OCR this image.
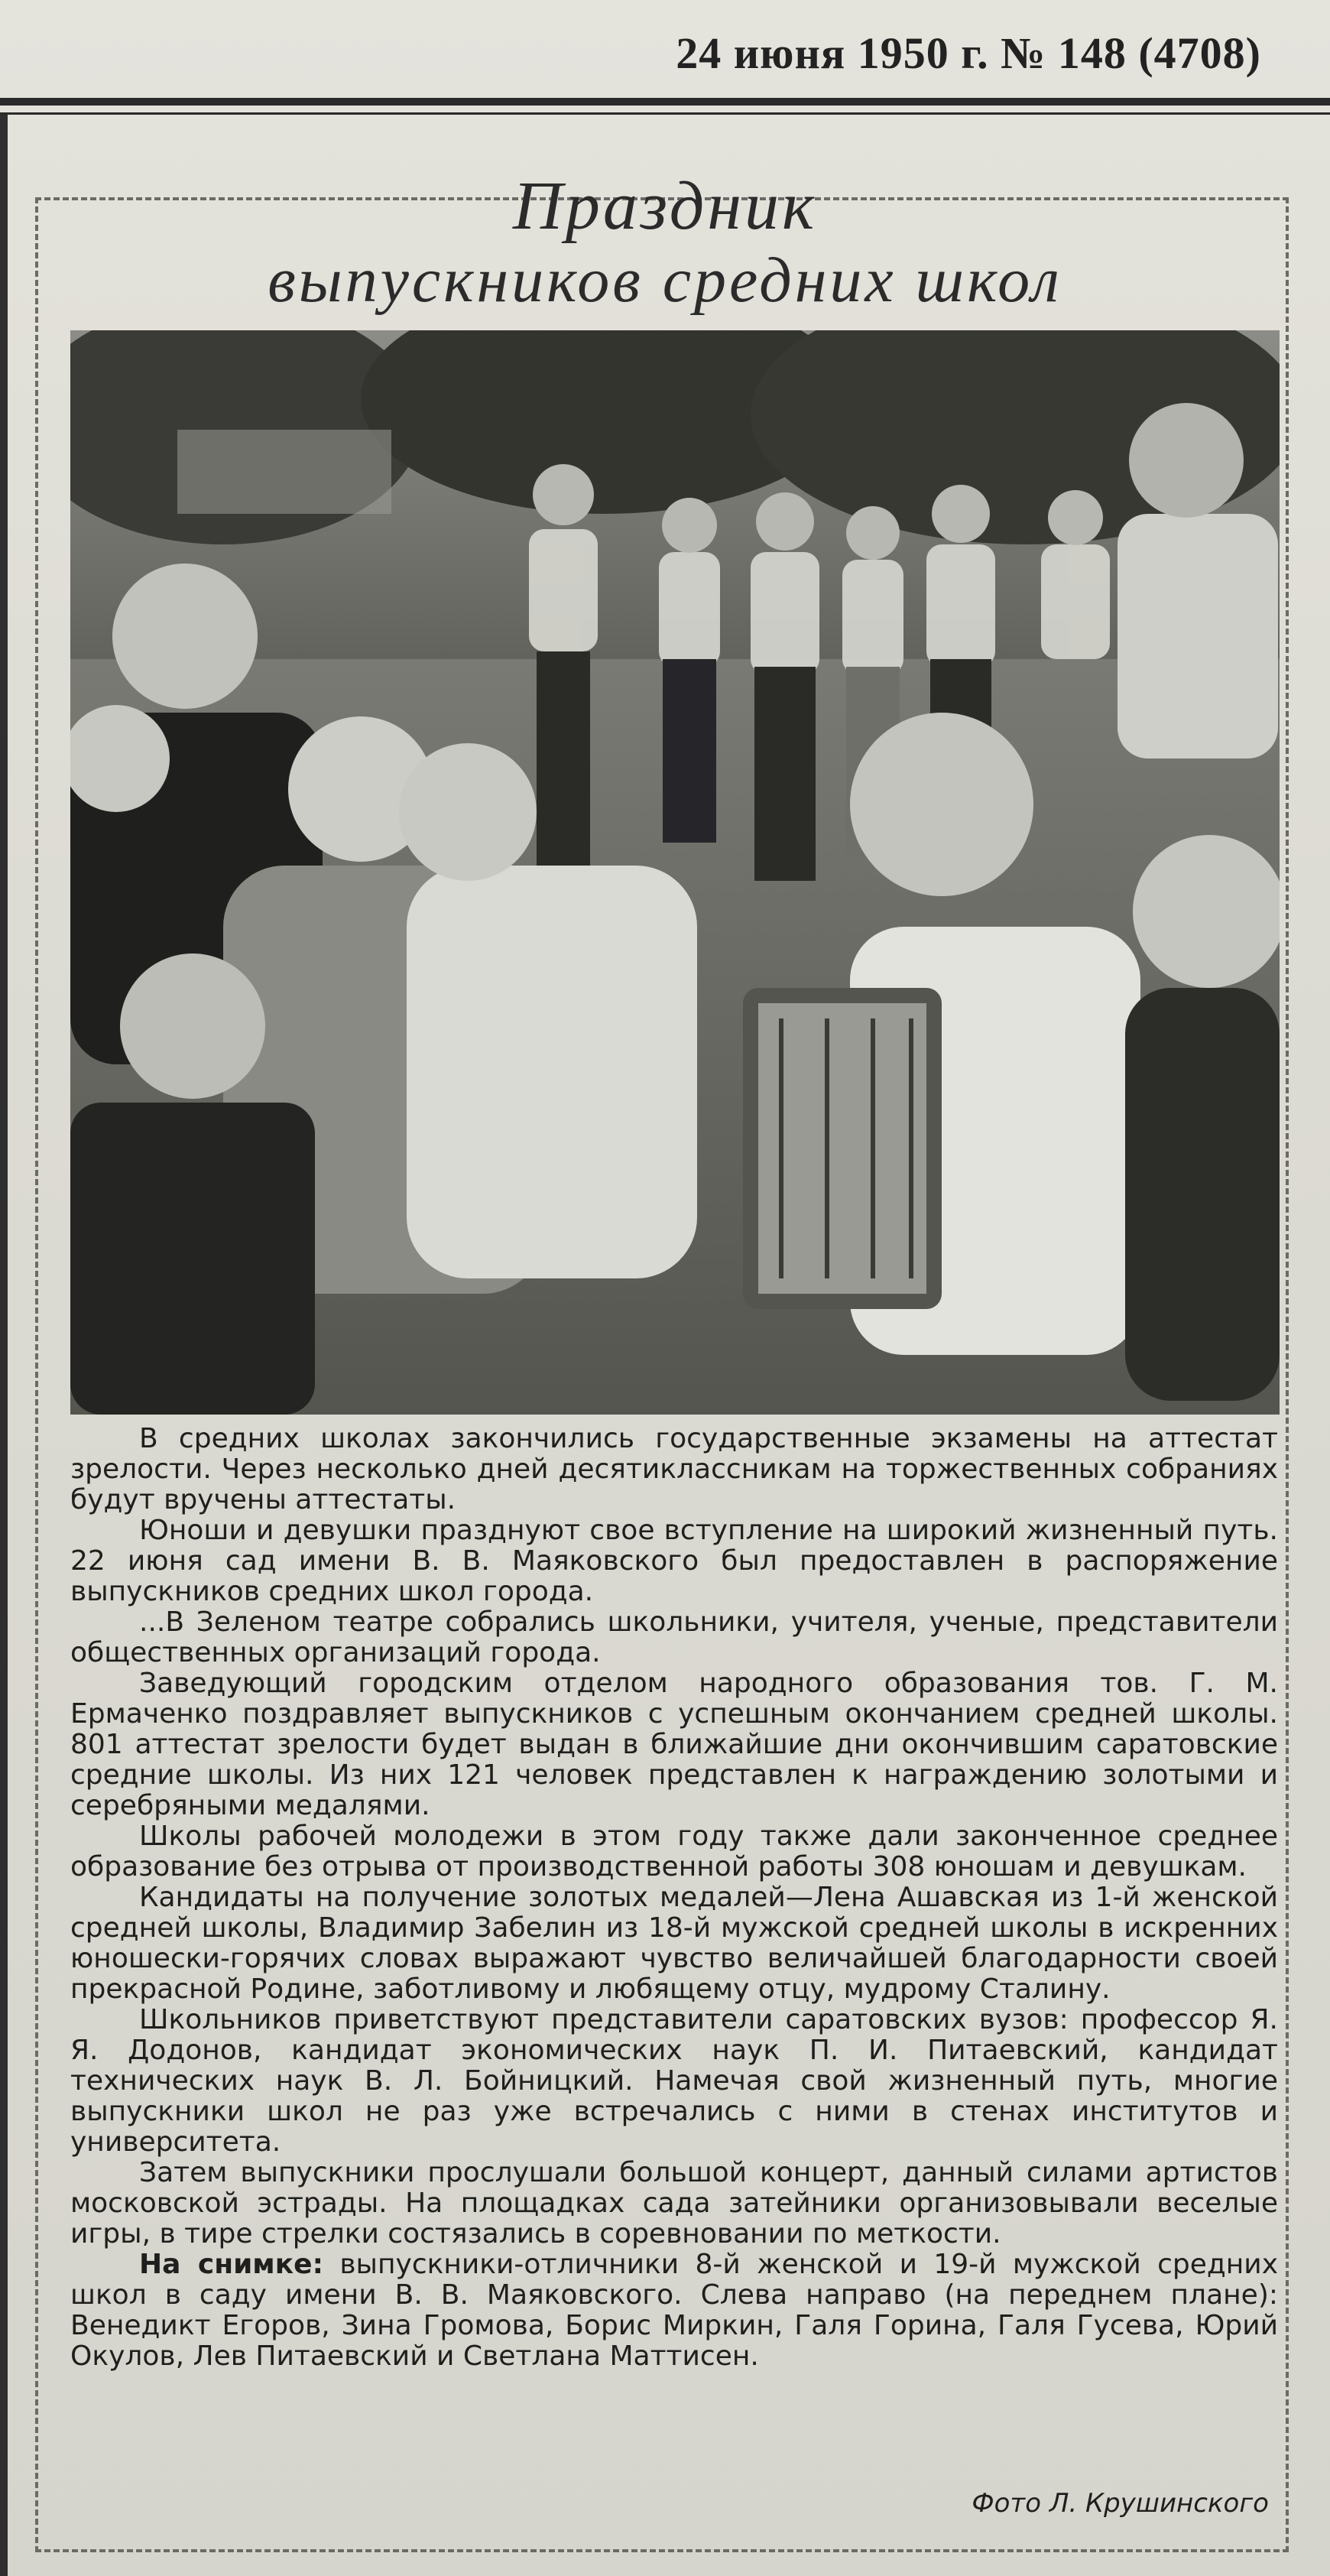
24 июня 1950 г. № 148 (4708)
Праздник
выпускников средних школ

В средних школах закончились государственные экзамены на аттестат зрелости. Через несколько дней десятиклассникам на торжественных собраниях будут вручены аттестаты.

Юноши и девушки празднуют свое вступление на широкий жизненный путь. 22 июня сад имени В. В. Маяковского был предоставлен в распоряжение выпускников средних школ города.

...В Зеленом театре собрались школьники, учителя, ученые, представители общественных организаций города.

Заведующий городским отделом народного образования тов. Г. М. Ермаченко поздравляет выпускников с успешным окончанием средней школы. 801 аттестат зрелости будет выдан в ближайшие дни окончившим саратовские средние школы. Из них 121 человек представлен к награждению золотыми и серебряными медалями.

Школы рабочей молодежи в этом году также дали законченное среднее образование без отрыва от производственной работы 308 юношам и девушкам.

Кандидаты на получение золотых медалей—Лена Ашавская из 1-й женской средней школы, Владимир Забелин из 18-й мужской средней школы в искренних юношески-горячих словах выражают чувство величайшей благодарности своей прекрасной Родине, заботливому и любящему отцу, мудрому Сталину.

Школьников приветствуют представители саратовских вузов: профессор Я. Я. Додонов, кандидат экономических наук П. И. Питаевский, кандидат технических наук В. Л. Бойницкий. Намечая свой жизненный путь, многие выпускники школ не раз уже встречались с ними в стенах институтов и университета.

Затем выпускники прослушали большой концерт, данный силами артистов московской эстрады. На площадках сада затейники организовывали веселые игры, в тире стрелки состязались в соревновании по меткости.

На снимке: выпускники-отличники 8-й женской и 19-й мужской средних школ в саду имени В. В. Маяковского. Слева направо (на переднем плане): Венедикт Егоров, Зина Громова, Борис Миркин, Галя Горина, Галя Гусева, Юрий Окулов, Лев Питаевский и Светлана Маттисен.

Фото Л. Крушинского
